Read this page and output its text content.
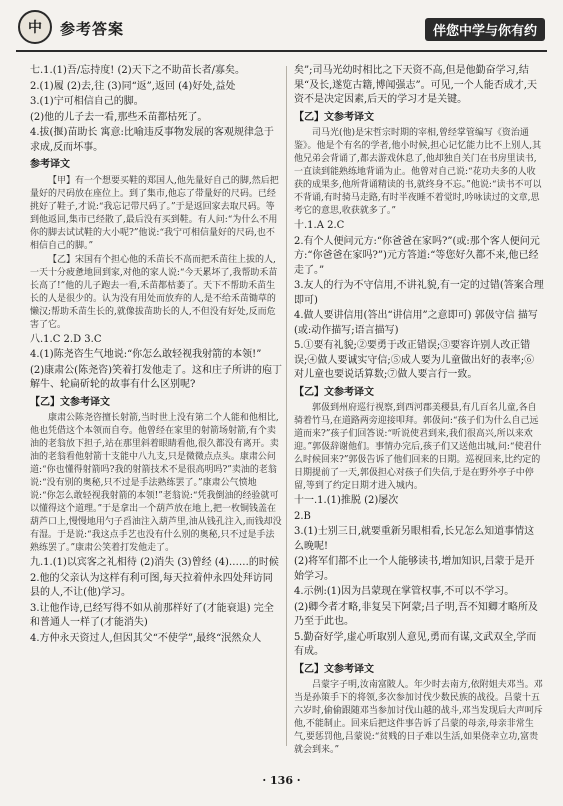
中	参考答案	伴您中学与你有约

七.1.(1)吾/忘持度! (2)天下之不助苗长者/寡矣。

2.(1)履 (2)去,往 (3)同“返”,返回 (4)好处,益处

3.(1)宁可相信自己的脚。

(2)他的儿子去一看,那些禾苗都枯死了。

4.拔(揠)苗助长 寓意:比喻违反事物发展的客观规律急于求成,反而坏事。

参考译文

【甲】有一个想要买鞋的郑国人,他先量好自己的脚,然后把量好的尺码放在座位上。到了集市,他忘了带量好的尺码。已经挑好了鞋子,才说:“我忘记带尺码了。”于是返回家去取尺码。等到他返回,集市已经散了,最后没有买到鞋。有人问:“为什么不用你的脚去试试鞋的大小呢?”他说:“我宁可相信量好的尺码,也不相信自己的脚。”

【乙】宋国有个担心他的禾苗长不高而把禾苗往上拔的人,一天十分疲惫地回到家,对他的家人说:“今天累坏了,我帮助禾苗长高了!”他的儿子跑去一看,禾苗都枯萎了。天下不帮助禾苗生长的人是很少的。认为没有用处而放弃的人,是不给禾苗锄草的懒汉;帮助禾苗生长的,就像拔苗助长的人,不但没有好处,反而危害了它。

八.1.C 2.D 3.C

4.(1)陈尧咨生气地说:“你怎么敢轻视我射箭的本领!”

(2)康肃公(陈尧咨)笑着打发他走了。这和庄子所讲的庖丁解牛、轮扁斫轮的故事有什么区别呢?

【乙】文参考译文

康肃公陈尧咨擅长射箭,当时世上没有第二个人能和他相比,他也凭借这个本领而自夸。他曾经在家里的射箭场射箭,有个卖油的老翁放下担子,站在那里斜着眼睛看他,很久都没有离开。卖油的老翁看他射箭十支能中八九支,只是微微点点头。康肃公问道:“你也懂得射箭吗?我的射箭技术不是很高明吗?”卖油的老翁说:“没有别的奥秘,只不过是手法熟练罢了。”康肃公气愤地说:“你怎么敢轻视我射箭的本领!”老翁说:“凭我倒油的经验就可以懂得这个道理。”于是拿出一个葫芦放在地上,把一枚铜钱盖在葫芦口上,慢慢地用勺子舀油注入葫芦里,油从钱孔注入,而钱却没有湿。于是说:“我这点手艺也没有什么别的奥秘,只不过是手法熟练罢了。”康肃公笑着打发他走了。

九.1.(1)以宾客之礼相待 (2)消失 (3)曾经 (4)……的时候

2.他的父亲认为这样有利可图,每天拉着仲永四处拜访同县的人,不让(他)学习。

3.让他作诗,已经写得不如从前那样好了(才能衰退) 完全和普通人一样了(才能消失)

4.方仲永天资过人,但因其父“不使学”,最终“泯然众人

矣”;司马光幼时相比之下天资不高,但是他勤奋学习,结果“及长,遂览古籍,博闻强志”。可见,一个人能否成才,天资不是决定因素,后天的学习才是关键。

【乙】文参考译文

司马光(他)是宋哲宗时期的宰相,曾经掌管编写《资治通鉴》。他是个有名的学者,他小时候,担心记忆能力比不上别人,其他兄弟会背诵了,都去游戏休息了,他却独自关门在书房里读书,一直读到能熟练地背诵为止。他曾对自己说:“花功夫多的人收获的成果多,他所背诵精读的书,就终身不忘。”他说:“读书不可以不背诵,有时骑马走路,有时半夜睡不着觉时,吟咏读过的文章,思考它的意思,收获就多了。”

十.1.A 2.C

2.有个人便问元方:“你爸爸在家吗?”(或:那个客人便问元方:“你爸爸在家吗?”)元方答道:“等您好久都不来,他已经走了。”

3.友人的行为不守信用,不讲礼貌,有一定的过错(答案合理即可)

4.做人要讲信用(答出“讲信用”之意即可) 郭伋守信 描写(或:动作描写;语言描写)

5.①要有礼貌;②要勇于改正错误;③要容许别人改正错误;④做人要诚实守信;⑤成人要为儿童做出好的表率;⑥对儿童也要说话算数;⑦做人要言行一致。

【乙】文参考译文

郭伋到州府巡行视察,到西河郡美稷县,有几百名儿童,各自骑着竹马,在道路两旁迎接叩拜。郭伋问:“孩子们为什么自己远道而来?”孩子们回答说:“听说使君到来,我们很高兴,所以来欢迎。”郭伋辞谢他们。事情办完后,孩子们又送他出城,问:“使君什么时候回来?”郭伋告诉了他们回来的日期。巡视回来,比约定的日期提前了一天,郭伋担心对孩子们失信,于是在野外亭子中停留,等到了约定日期才进入城内。

十一.1.(1)推脱 (2)屡次

2.B

3.(1)士别三日,就要重新另眼相看,长兄怎么知道事情这么晚呢!

(2)将军们都不止一个人能够读书,增加知识,吕蒙于是开始学习。

4.示例:(1)因为吕蒙现在掌管权事,不可以不学习。

(2)卿今者才略,非复吴下阿蒙;吕子明,吾不知卿才略所及乃至于此也。

5.勤奋好学,虚心听取别人意见,勇而有谋,文武双全,学而有成。

【乙】文参考译文

吕蒙字子明,汝南富陂人。年少时去南方,依附姐夫邓当。邓当是孙策手下的将领,多次参加讨伐少数民族的战役。吕蒙十五六岁时,偷偷跟随邓当参加讨伐山越的战斗,邓当发现后大声呵斥他,不能制止。回来后把这件事告诉了吕蒙的母亲,母亲非常生气,要惩罚他,吕蒙说:“贫贱的日子难以生活,如果侥幸立功,富贵就会到来。”

· 136 ·
